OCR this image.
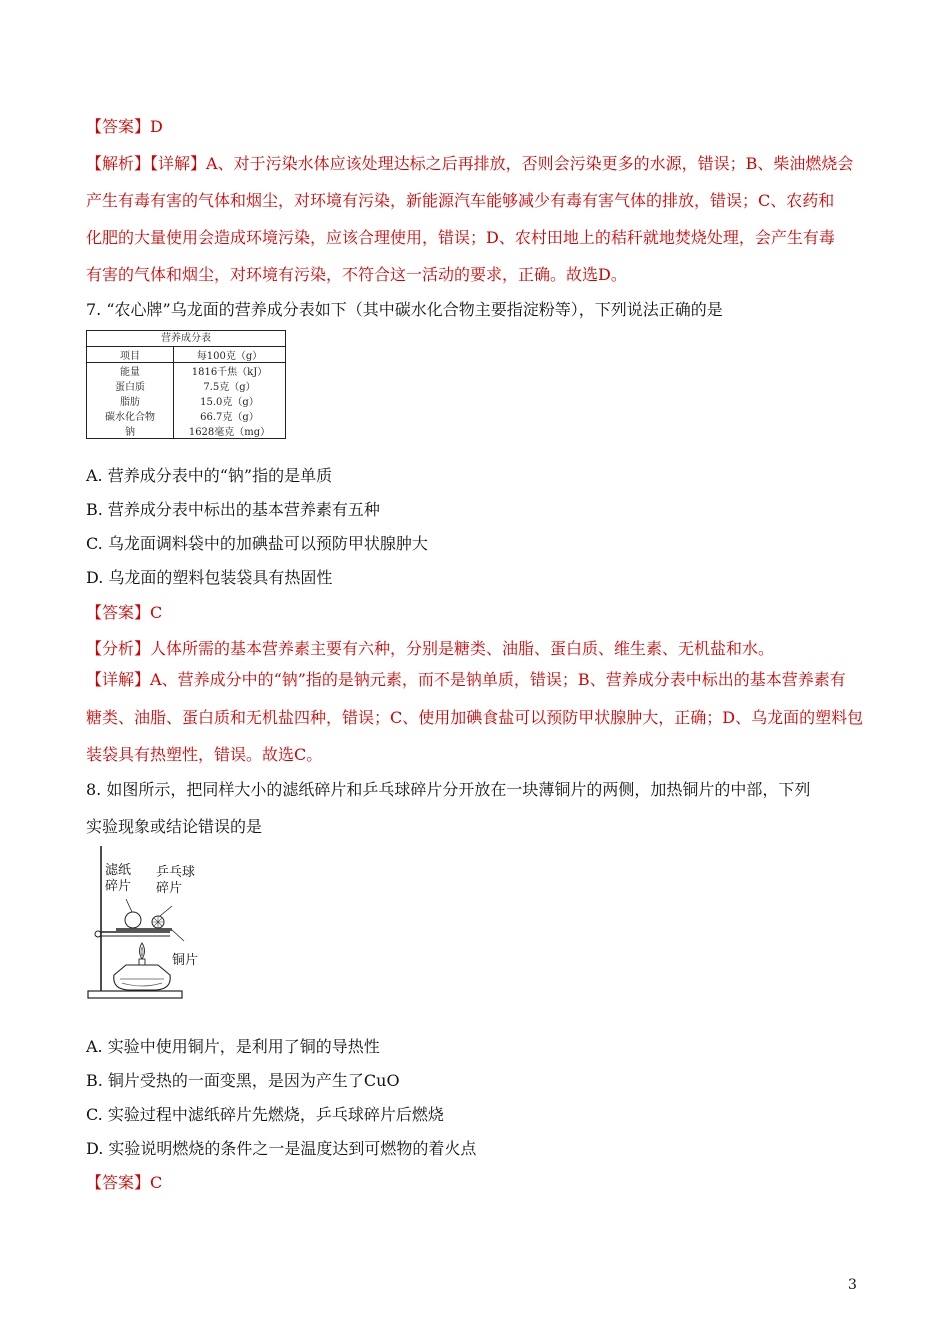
【答案】D
【解析】【详解】A、对于污染水体应该处理达标之后再排放，否则会污染更多的水源，错误；B、柴油燃烧会
产生有毒有害的气体和烟尘，对环境有污染，新能源汽车能够减少有毒有害气体的排放，错误；C、农药和
化肥的大量使用会造成环境污染，应该合理使用，错误；D、农村田地上的秸秆就地焚烧处理，会产生有毒
有害的气体和烟尘，对环境有污染，不符合这一活动的要求，正确。故选D。
7. “农心牌”乌龙面的营养成分表如下（其中碳水化合物主要指淀粉等），下列说法正确的是
营养成分表
项目	每100克（g）
能量	1816千焦（kJ）
蛋白质	7.5克（g）
脂肪	15.0克（g）
碳水化合物	66.7克（g）
钠	1628毫克（mg）
A. 营养成分表中的“钠”指的是单质
B. 营养成分表中标出的基本营养素有五种
C. 乌龙面调料袋中的加碘盐可以预防甲状腺肿大
D. 乌龙面的塑料包装袋具有热固性
【答案】C
【分析】人体所需的基本营养素主要有六种，分别是糖类、油脂、蛋白质、维生素、无机盐和水。
【详解】A、营养成分中的“钠”指的是钠元素，而不是钠单质，错误；B、营养成分表中标出的基本营养素有
糖类、油脂、蛋白质和无机盐四种，错误；C、使用加碘食盐可以预防甲状腺肿大，正确；D、乌龙面的塑料包
装袋具有热塑性，错误。故选C。
8. 如图所示，把同样大小的滤纸碎片和乒乓球碎片分开放在一块薄铜片的两侧，加热铜片的中部，下列
实验现象或结论错误的是
滤纸
碎片
乒乓球
碎片
铜片
A. 实验中使用铜片，是利用了铜的导热性
B. 铜片受热的一面变黑，是因为产生了CuO
C. 实验过程中滤纸碎片先燃烧，乒乓球碎片后燃烧
D. 实验说明燃烧的条件之一是温度达到可燃物的着火点
【答案】C
3
